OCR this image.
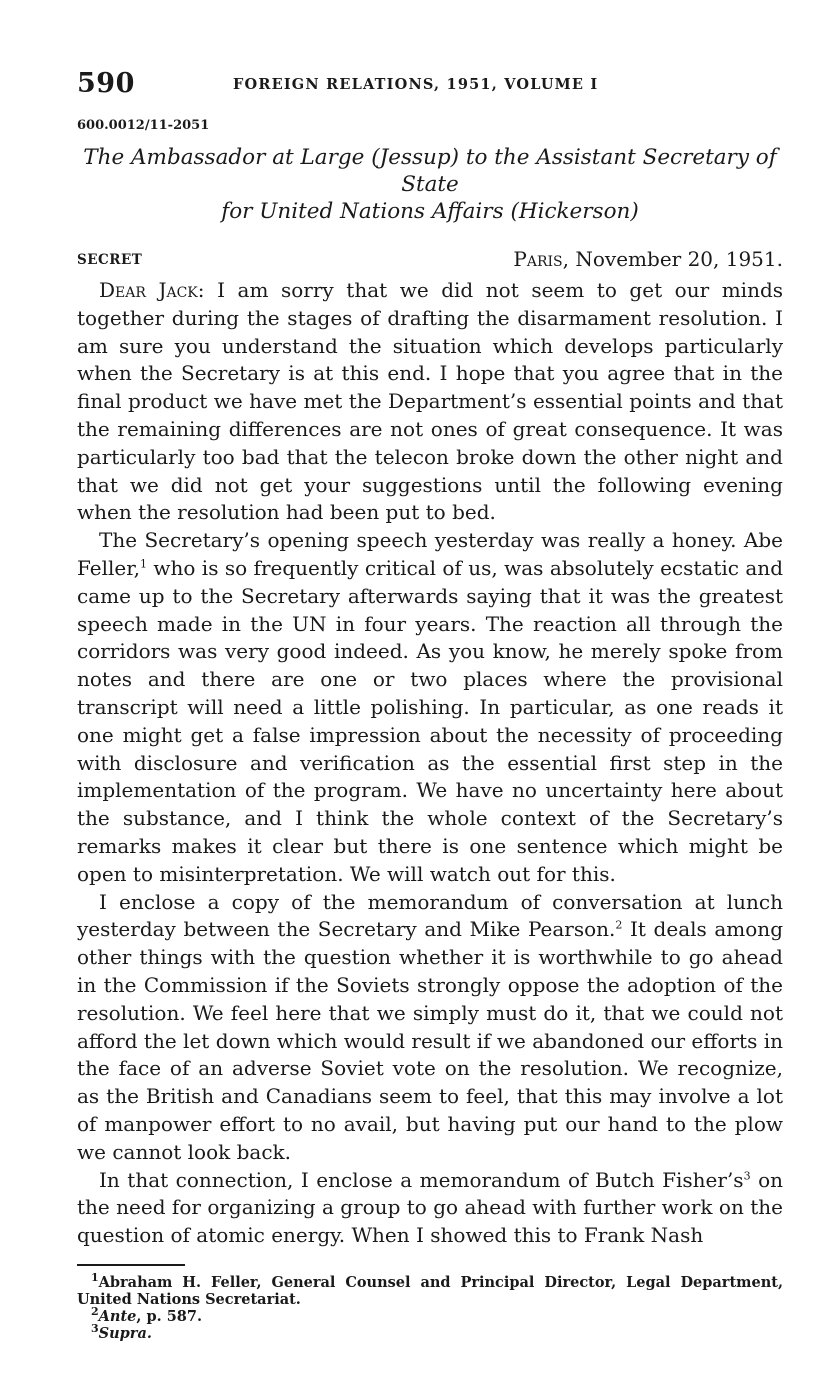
590	FOREIGN RELATIONS, 1951, VOLUME I
600.0012/11-2051
The Ambassador at Large (Jessup) to the Assistant Secretary of State
for United Nations Affairs (Hickerson)
SECRET	Paris, November 20, 1951.

Dear Jack: I am sorry that we did not seem to get our minds together during the stages of drafting the disarmament resolution. I am sure you understand the situation which develops particularly when the Secretary is at this end. I hope that you agree that in the final product we have met the Department’s essential points and that the remaining differences are not ones of great consequence. It was particularly too bad that the telecon broke down the other night and that we did not get your suggestions until the following evening when the resolution had been put to bed.

The Secretary’s opening speech yesterday was really a honey. Abe Feller,$^1$ who is so frequently critical of us, was absolutely ecstatic and came up to the Secretary afterwards saying that it was the greatest speech made in the UN in four years. The reaction all through the corridors was very good indeed. As you know, he merely spoke from notes and there are one or two places where the provisional transcript will need a little polishing. In particular, as one reads it one might get a false impression about the necessity of proceeding with disclosure and verification as the essential first step in the implementation of the program. We have no uncertainty here about the substance, and I think the whole context of the Secretary’s remarks makes it clear but there is one sentence which might be open to misinterpretation. We will watch out for this.

I enclose a copy of the memorandum of conversation at lunch yesterday between the Secretary and Mike Pearson.$^2$ It deals among other things with the question whether it is worthwhile to go ahead in the Commission if the Soviets strongly oppose the adoption of the resolution. We feel here that we simply must do it, that we could not afford the let down which would result if we abandoned our efforts in the face of an adverse Soviet vote on the resolution. We recognize, as the British and Canadians seem to feel, that this may involve a lot of manpower effort to no avail, but having put our hand to the plow we cannot look back.

In that connection, I enclose a memorandum of Butch $Fisher’s^3$ on the need for organizing a group to go ahead with further work on the question of atomic energy. When I showed this to Frank Nash

$^1$Abraham H. Feller, General Counsel and Principal Director, Legal Department, United Nations Secretariat.

$^2$Ante, p. 587.

$^3$Supra.
